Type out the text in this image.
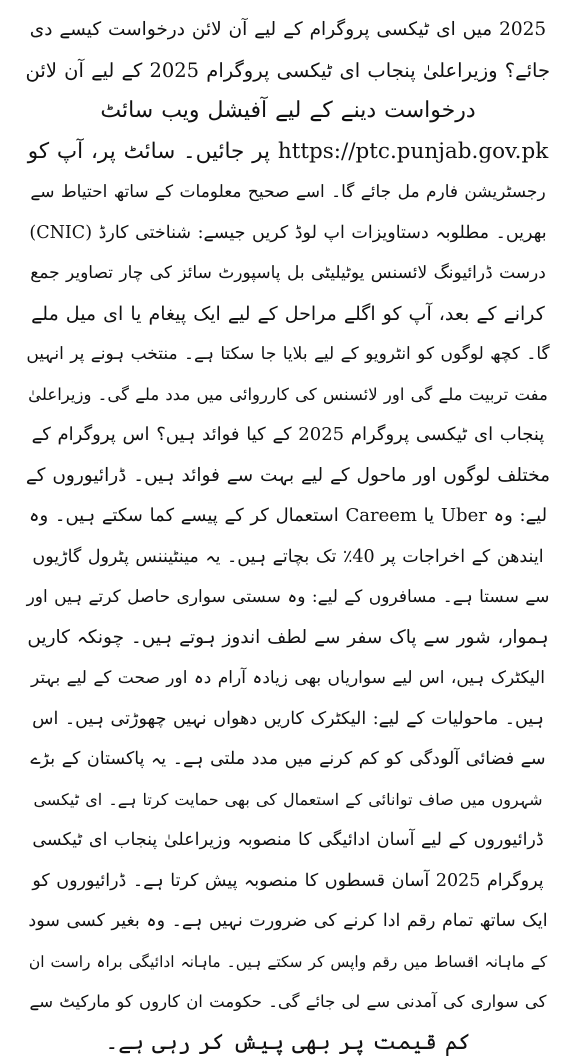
2025 میں ای ٹیکسی پروگرام کے لیے آن لائن درخواست کیسے دی
جائے؟ وزیراعلیٰ پنجاب ای ٹیکسی پروگرام 2025 کے لیے آن لائن
درخواست دینے کے لیے آفیشل ویب سائٹ
https://ptc.punjab.gov.pk پر جائیں۔ سائٹ پر، آپ کو
رجسٹریشن فارم مل جائے گا۔ اسے صحیح معلومات کے ساتھ احتیاط سے
بھریں۔ مطلوبہ دستاویزات اپ لوڈ کریں جیسے: شناختی کارڈ (CNIC)
درست ڈرائیونگ لائسنس یوٹیلیٹی بل پاسپورٹ سائز کی چار تصاویر جمع
کرانے کے بعد، آپ کو اگلے مراحل کے لیے ایک پیغام یا ای میل ملے
گا۔ کچھ لوگوں کو انٹرویو کے لیے بلایا جا سکتا ہے۔ منتخب ہونے پر انہیں
مفت تربیت ملے گی اور لائسنس کی کارروائی میں مدد ملے گی۔ وزیراعلیٰ
پنجاب ای ٹیکسی پروگرام 2025 کے کیا فوائد ہیں؟ اس پروگرام کے
مختلف لوگوں اور ماحول کے لیے بہت سے فوائد ہیں۔ ڈرائیوروں کے
لیے: وہ Uber یا Careem استعمال کر کے پیسے کما سکتے ہیں۔ وہ
ایندھن کے اخراجات پر 40٪ تک بچاتے ہیں۔ یہ مینٹیننس پٹرول گاڑیوں
سے سستا ہے۔ مسافروں کے لیے: وہ سستی سواری حاصل کرتے ہیں اور
ہموار، شور سے پاک سفر سے لطف اندوز ہوتے ہیں۔ چونکہ کاریں
الیکٹرک ہیں، اس لیے سواریاں بھی زیادہ آرام دہ اور صحت کے لیے بہتر
ہیں۔ ماحولیات کے لیے: الیکٹرک کاریں دھواں نہیں چھوڑتی ہیں۔ اس
سے فضائی آلودگی کو کم کرنے میں مدد ملتی ہے۔ یہ پاکستان کے بڑے
شہروں میں صاف توانائی کے استعمال کی بھی حمایت کرتا ہے۔ ای ٹیکسی
ڈرائیوروں کے لیے آسان ادائیگی کا منصوبہ وزیراعلیٰ پنجاب ای ٹیکسی
پروگرام 2025 آسان قسطوں کا منصوبہ پیش کرتا ہے۔ ڈرائیوروں کو
ایک ساتھ تمام رقم ادا کرنے کی ضرورت نہیں ہے۔ وہ بغیر کسی سود
کے ماہانہ اقساط میں رقم واپس کر سکتے ہیں۔ ماہانہ ادائیگی براہ راست ان
کی سواری کی آمدنی سے لی جائے گی۔ حکومت ان کاروں کو مارکیٹ سے
کم قیمت پر بھی پیش کر رہی ہے۔
